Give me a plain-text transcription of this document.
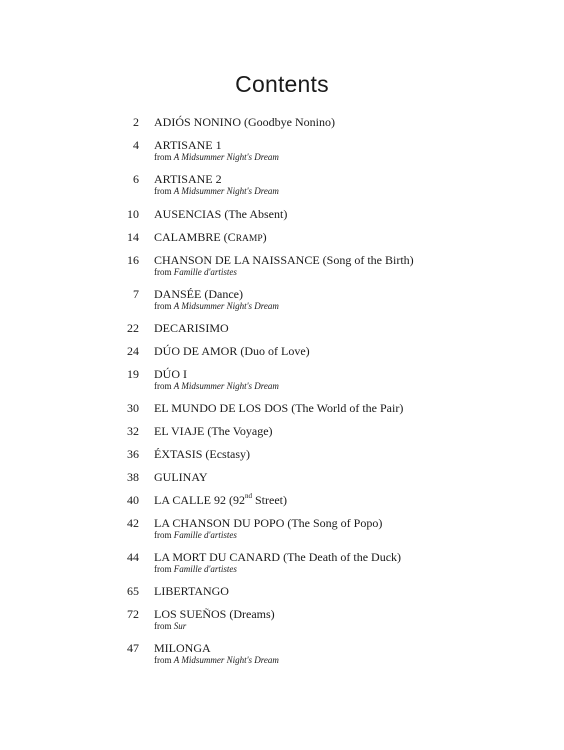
Contents
2 ADIÓS NONINO (Goodbye Nonino)
4 ARTISANE 1
from A Midsummer Night's Dream
6 ARTISANE 2
from A Midsummer Night's Dream
10 AUSENCIAS (The Absent)
14 CALAMBRE (CRAMP)
16 CHANSON DE LA NAISSANCE (Song of the Birth)
from Famille d'artistes
7 DANSÉE (Dance)
from A Midsummer Night's Dream
22 DECARISIMO
24 DÚO DE AMOR (Duo of Love)
19 DÚO I
from A Midsummer Night's Dream
30 EL MUNDO DE LOS DOS (The World of the Pair)
32 EL VIAJE (The Voyage)
36 ÉXTASIS (Ecstasy)
38 GULINAY
40 LA CALLE 92 (92nd Street)
42 LA CHANSON DU POPO (The Song of Popo)
from Famille d'artistes
44 LA MORT DU CANARD (The Death of the Duck)
from Famille d'artistes
65 LIBERTANGO
72 LOS SUEÑOS (Dreams)
from Sur
47 MILONGA
from A Midsummer Night's Dream
